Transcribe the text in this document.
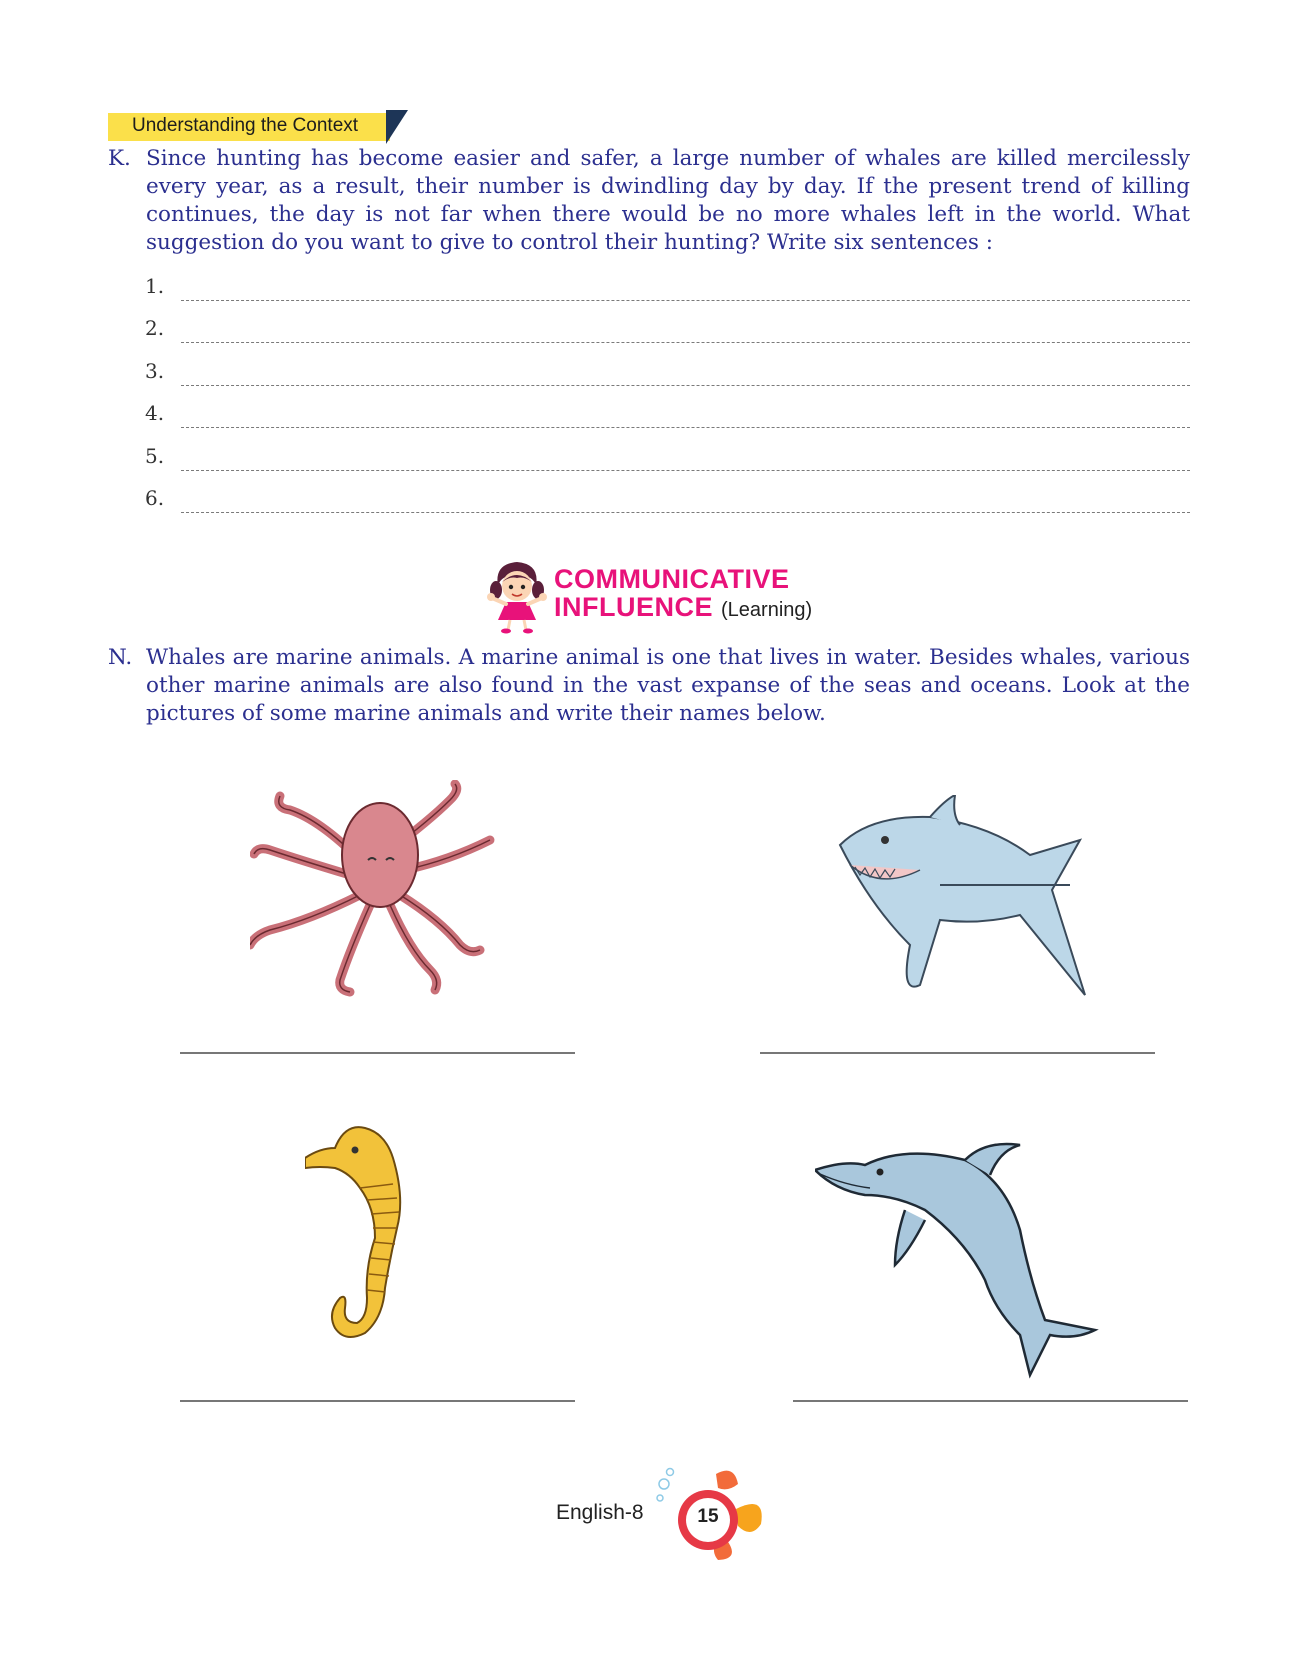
Understanding the Context
K. Since hunting has become easier and safer, a large number of whales are killed mercilessly every year, as a result, their number is dwindling day by day. If the present trend of killing continues, the day is not far when there would be no more whales left in the world. What suggestion do you want to give to control their hunting? Write six sentences :
1.
2.
3.
4.
5.
6.
COMMUNICATIVE
INFLUENCE (Learning)
N. Whales are marine animals. A marine animal is one that lives in water. Besides whales, various other marine animals are also found in the vast expanse of the seas and oceans. Look at the pictures of some marine animals and write their names below.
English-8	15
